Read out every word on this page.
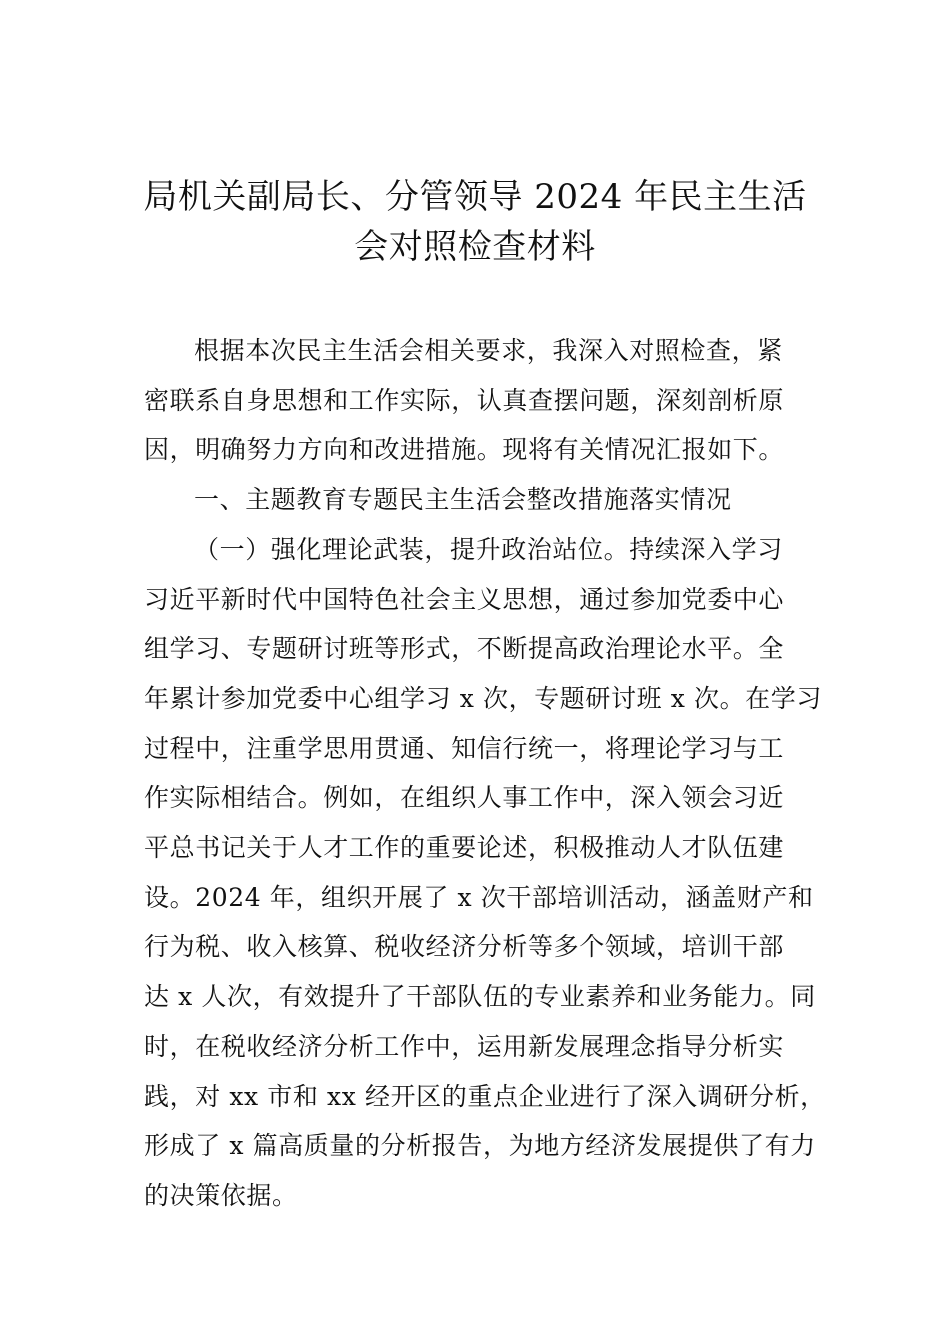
局机关副局长、分管领导 2024 年民主生活
会对照检查材料

根据本次民主生活会相关要求，我深入对照检查，紧
密联系自身思想和工作实际，认真查摆问题，深刻剖析原
因，明确努力方向和改进措施。现将有关情况汇报如下。

一、主题教育专题民主生活会整改措施落实情况

（一）强化理论武装，提升政治站位。持续深入学习
习近平新时代中国特色社会主义思想，通过参加党委中心
组学习、专题研讨班等形式，不断提高政治理论水平。全
年累计参加党委中心组学习 x 次，专题研讨班 x 次。在学习
过程中，注重学思用贯通、知信行统一，将理论学习与工
作实际相结合。例如，在组织人事工作中，深入领会习近
平总书记关于人才工作的重要论述，积极推动人才队伍建
设。2024 年，组织开展了 x 次干部培训活动，涵盖财产和
行为税、收入核算、税收经济分析等多个领域，培训干部
达 x 人次，有效提升了干部队伍的专业素养和业务能力。同
时，在税收经济分析工作中，运用新发展理念指导分析实
践，对 xx 市和 xx 经开区的重点企业进行了深入调研分析，
形成了 x 篇高质量的分析报告，为地方经济发展提供了有力
的决策依据。
